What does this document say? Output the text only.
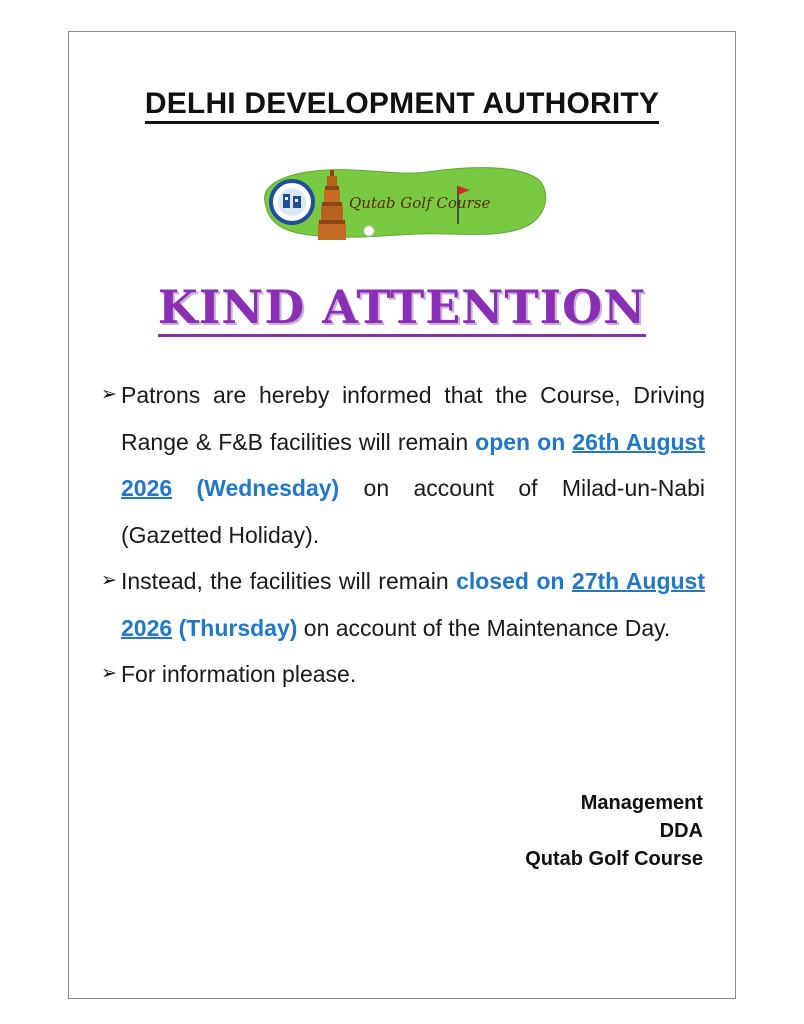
DELHI DEVELOPMENT AUTHORITY
Qutab Golf Course
KIND ATTENTION
➢ Patrons are hereby informed that the Course, Driving Range & F&B facilities will remain open on 26th August 2026 (Wednesday) on account of Milad-un-Nabi (Gazetted Holiday).
➢ Instead, the facilities will remain closed on 27th August 2026 (Thursday) on account of the Maintenance Day.
➢ For information please.
Management
DDA
Qutab Golf Course
